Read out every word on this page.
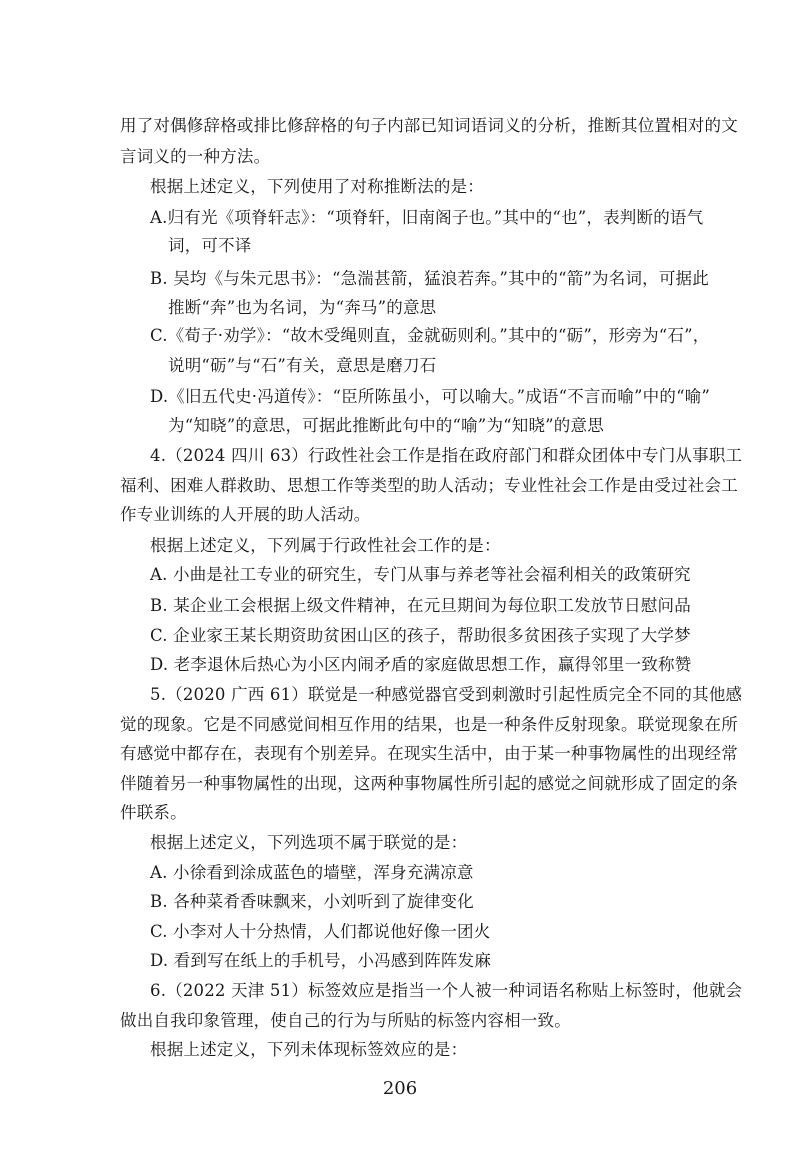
用了对偶修辞格或排比修辞格的句子内部已知词语词义的分析，推断其位置相对的文
言词义的一种方法。
根据上述定义，下列使用了对称推断法的是：
A.归有光《项脊轩志》：“项脊轩，旧南阁子也。”其中的“也”，表判断的语气
词，可不译
B. 吴均《与朱元思书》：“急湍甚箭，猛浪若奔。”其中的“箭”为名词，可据此
推断“奔”也为名词，为“奔马”的意思
C.《荀子·劝学》：“故木受绳则直，金就砺则利。”其中的“砺”，形旁为“石”，
说明“砺”与“石”有关，意思是磨刀石
D.《旧五代史·冯道传》：“臣所陈虽小，可以喻大。”成语“不言而喻”中的“喻”
为“知晓”的意思，可据此推断此句中的“喻”为“知晓”的意思
4.（2024 四川 63）行政性社会工作是指在政府部门和群众团体中专门从事职工
福利、困难人群救助、思想工作等类型的助人活动；专业性社会工作是由受过社会工
作专业训练的人开展的助人活动。
根据上述定义，下列属于行政性社会工作的是：
A. 小曲是社工专业的研究生，专门从事与养老等社会福利相关的政策研究
B. 某企业工会根据上级文件精神，在元旦期间为每位职工发放节日慰问品
C. 企业家王某长期资助贫困山区的孩子，帮助很多贫困孩子实现了大学梦
D. 老李退休后热心为小区内闹矛盾的家庭做思想工作，赢得邻里一致称赞
5.（2020 广西 61）联觉是一种感觉器官受到刺激时引起性质完全不同的其他感
觉的现象。它是不同感觉间相互作用的结果，也是一种条件反射现象。联觉现象在所
有感觉中都存在，表现有个别差异。在现实生活中，由于某一种事物属性的出现经常
伴随着另一种事物属性的出现，这两种事物属性所引起的感觉之间就形成了固定的条
件联系。
根据上述定义，下列选项不属于联觉的是：
A. 小徐看到涂成蓝色的墙壁，浑身充满凉意
B. 各种菜肴香味飘来，小刘听到了旋律变化
C. 小李对人十分热情，人们都说他好像一团火
D. 看到写在纸上的手机号，小冯感到阵阵发麻
6.（2022 天津 51）标签效应是指当一个人被一种词语名称贴上标签时，他就会
做出自我印象管理，使自己的行为与所贴的标签内容相一致。
根据上述定义，下列未体现标签效应的是：
206
